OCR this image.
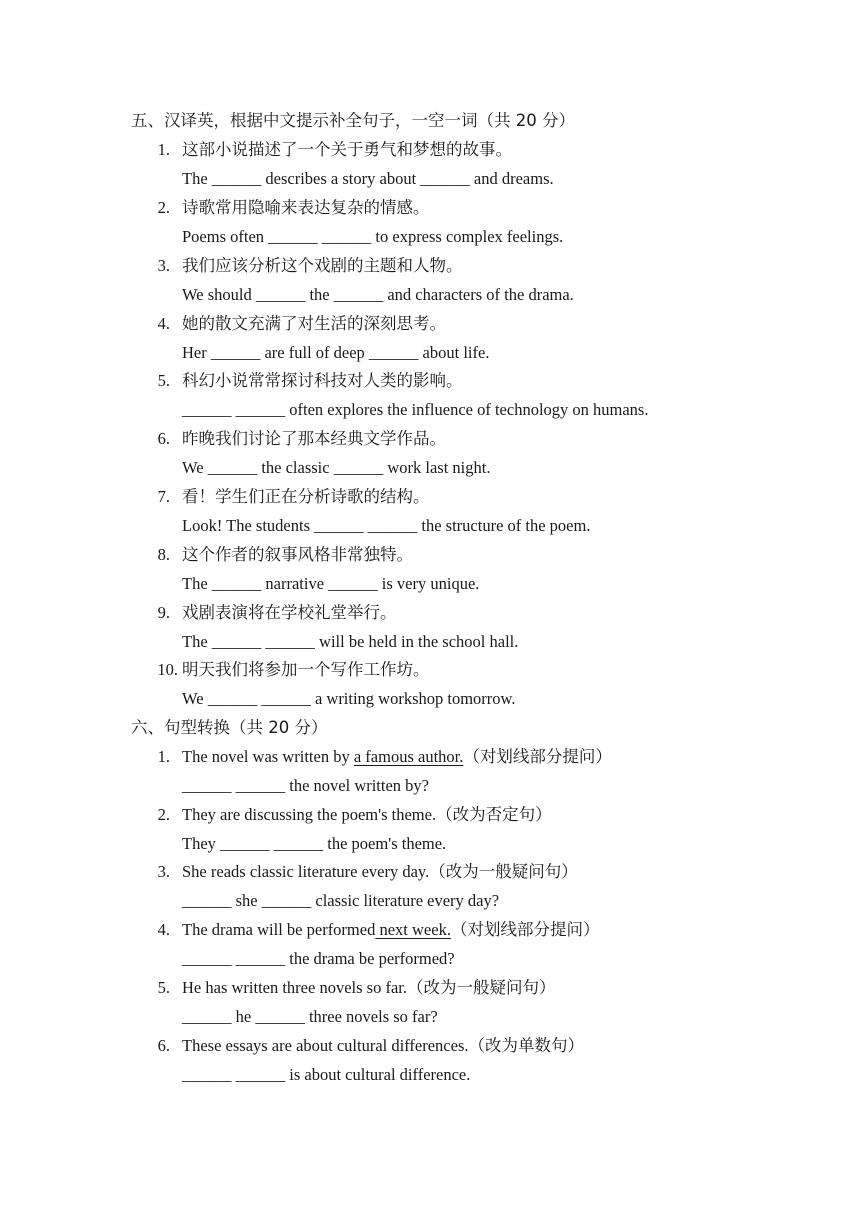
五、汉译英，根据中文提示补全句子，一空一词（共 20 分）
1. 这部小说描述了一个关于勇气和梦想的故事。
The ______ describes a story about ______ and dreams.
2. 诗歌常用隐喻来表达复杂的情感。
Poems often ______ ______ to express complex feelings.
3. 我们应该分析这个戏剧的主题和人物。
We should ______ the ______ and characters of the drama.
4. 她的散文充满了对生活的深刻思考。
Her ______ are full of deep ______ about life.
5. 科幻小说常常探讨科技对人类的影响。
______ ______ often explores the influence of technology on humans.
6. 昨晚我们讨论了那本经典文学作品。
We ______ the classic ______ work last night.
7. 看！学生们正在分析诗歌的结构。
Look! The students ______ ______ the structure of the poem.
8. 这个作者的叙事风格非常独特。
The ______ narrative ______ is very unique.
9. 戏剧表演将在学校礼堂举行。
The ______ ______ will be held in the school hall.
10. 明天我们将参加一个写作工作坊。
We ______ ______ a writing workshop tomorrow.
六、句型转换（共 20 分）
1. The novel was written by a famous author.（对划线部分提问）
______ ______ the novel written by?
2. They are discussing the poem's theme.（改为否定句）
They ______ ______ the poem's theme.
3. She reads classic literature every day.（改为一般疑问句）
______ she ______ classic literature every day?
4. The drama will be performed next week.（对划线部分提问）
______ ______ the drama be performed?
5. He has written three novels so far.（改为一般疑问句）
______ he ______ three novels so far?
6. These essays are about cultural differences.（改为单数句）
______ ______ is about cultural difference.
